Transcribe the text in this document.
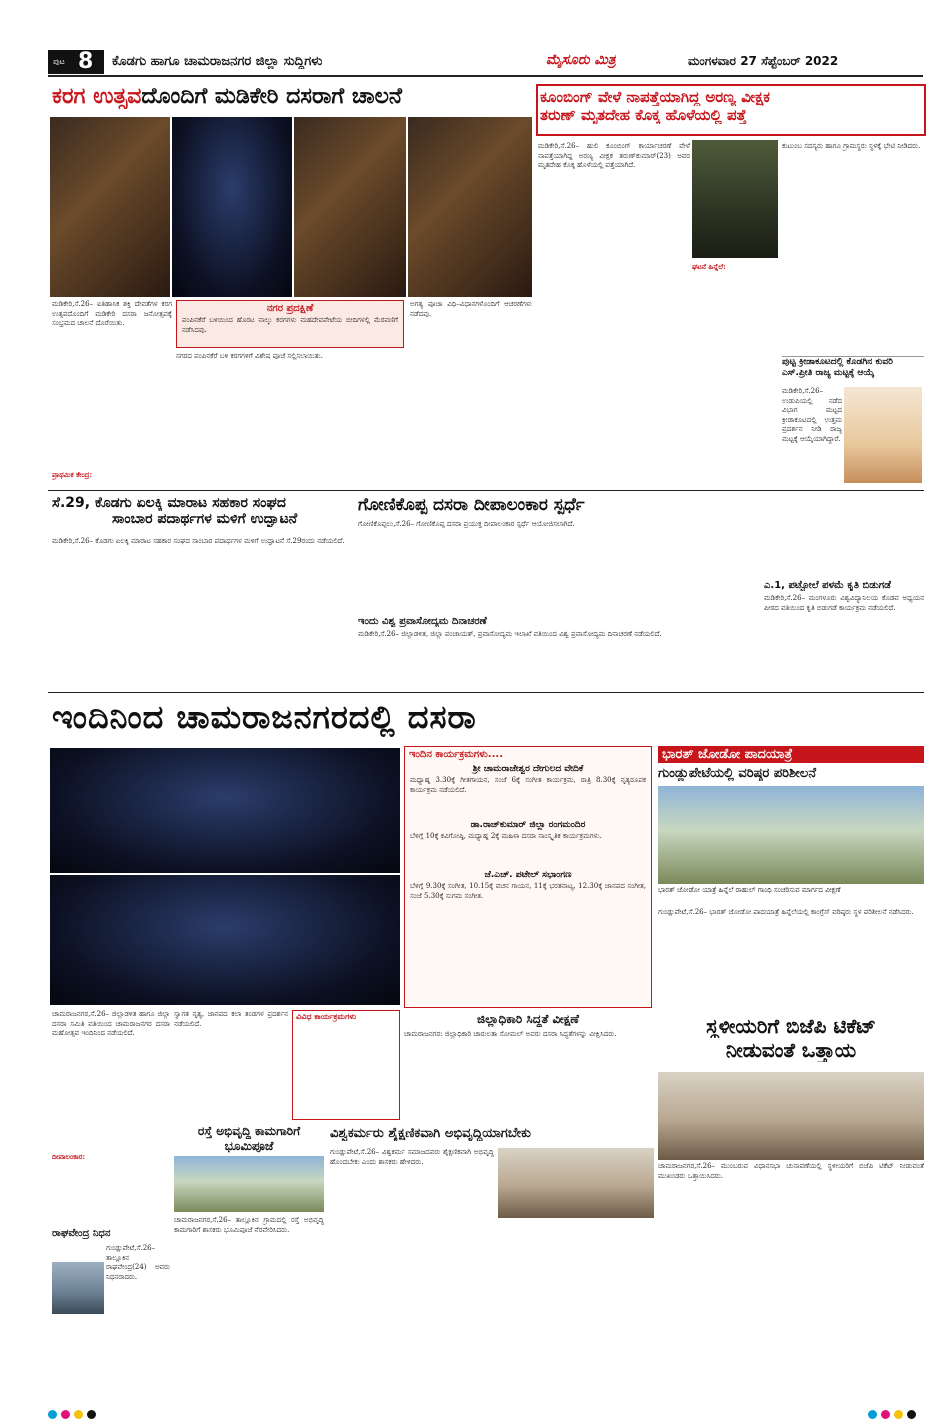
ಪುಟ 8 ಕೊಡಗು ಹಾಗೂ ಚಾಮರಾಜನಗರ ಜಿಲ್ಲಾ ಸುದ್ದಿಗಳು	ಮೈಸೂರು ಮಿತ್ರ	ಮಂಗಳವಾರ 27 ಸೆಪ್ಟೆಂಬರ್ 2022
ಕರಗ ಉತ್ಸವದೊಂದಿಗೆ ಮಡಿಕೇರಿ ದಸರಾಗೆ ಚಾಲನೆ
ಮಡಿಕೇರಿ,ಸೆ.26– ಐತಿಹಾಸಿಕ ಶಕ್ತಿ ದೇವತೆಗಳ ಕರಗ ಉತ್ಸವದೊಂದಿಗೆ ಮಡಿಕೇರಿ ದಸರಾ ಜನೋತ್ಸವಕ್ಕೆ ಸಂಭ್ರಮದ ಚಾಲನೆ ದೊರೆಯಿತು.
ನಗರ ಪ್ರದಕ್ಷಿಣೆ
ಪಂಪಿನಕೆರೆ ಬಳಿಯಿಂದ ಹೊರಟ ನಾಲ್ಕು ಕರಗಗಳು ಮಹದೇವಪೇಟೆಯ ಬೀದಿಗಳಲ್ಲಿ ಮೆರವಣಿಗೆ ನಡೆಸಿದವು.
ನಗರದ ಪಂಪಿನಕೆರೆ ಬಳಿ ಕರಗಗಳಿಗೆ ವಿಶೇಷ ಪೂಜೆ ಸಲ್ಲಿಸಲಾಯಿತು.
ಅಗತ್ಯ ಪೂಜಾ ವಿಧಿ–ವಿಧಾನಗಳೊಂದಿಗೆ ಆಚರಣೆಗಳು ನಡೆದವು.
ಪ್ರಾಥಮಿಕ ಕೇಂದ್ರ:
ಕೂಂಬಿಂಗ್ ವೇಳೆ ನಾಪತ್ತೆಯಾಗಿದ್ದ ಅರಣ್ಯ ವೀಕ್ಷಕ
ತರುಣ್ ಮೃತದೇಹ ಕೊಕ್ಕ ಹೊಳೆಯಲ್ಲಿ ಪತ್ತೆ
ಮಡಿಕೇರಿ,ಸೆ.26– ಹುಲಿ ಕೂಂಬಿಂಗ್ ಕಾರ್ಯಾಚರಣೆ ವೇಳೆ ನಾಪತ್ತೆಯಾಗಿದ್ದ ಅರಣ್ಯ ವೀಕ್ಷಕ ತರುಣ್‌ಕುಮಾರ್(23) ಅವರ ಮೃತದೇಹ ಕೊಕ್ಕ ಹೊಳೆಯಲ್ಲಿ ಪತ್ತೆಯಾಗಿದೆ.
ಕುಟುಂಬ ಸದಸ್ಯರು ಹಾಗೂ ಗ್ರಾಮಸ್ಥರು ಸ್ಥಳಕ್ಕೆ ಭೇಟಿ ನೀಡಿದರು.
ಘಟನೆ ಹಿನ್ನೆಲೆ:
ಪುಟ್ಟ ಕ್ರೀಡಾಕೂಟದಲ್ಲಿ ಕೊಡಗಿನ ಕುವರಿ ಎಸ್.ಪ್ರೀತಿ ರಾಜ್ಯ ಮಟ್ಟಕ್ಕೆ ಆಯ್ಕೆ
ಮಡಿಕೇರಿ,ಸೆ.26– ಉಡುಪಿಯಲ್ಲಿ ನಡೆದ ವಿಭಾಗ ಮಟ್ಟದ ಕ್ರೀಡಾಕೂಟದಲ್ಲಿ ಉತ್ತಮ ಪ್ರದರ್ಶನ ನೀಡಿ ರಾಜ್ಯ ಮಟ್ಟಕ್ಕೆ ಆಯ್ಕೆಯಾಗಿದ್ದಾರೆ.
ಸೆ.29, ಕೊಡಗು ಏಲಕ್ಕಿ ಮಾರಾಟ ಸಹಕಾರ ಸಂಘದ
ಸಾಂಬಾರ ಪದಾರ್ಥಗಳ ಮಳಿಗೆ ಉದ್ಘಾಟನೆ
ಮಡಿಕೇರಿ,ಸೆ.26– ಕೊಡಗು ಏಲಕ್ಕಿ ಮಾರಾಟ ಸಹಕಾರ ಸಂಘದ ಸಾಂಬಾರ ಪದಾರ್ಥಗಳ ಮಳಿಗೆ ಉದ್ಘಾಟನೆ ಸೆ.29ರಂದು ನಡೆಯಲಿದೆ.
ಗೋಣಿಕೊಪ್ಪ ದಸರಾ ದೀಪಾಲಂಕಾರ ಸ್ಪರ್ಧೆ
ಗೋಣಿಕೊಪ್ಪಲು,ಸೆ.26– ಗೋಣಿಕೊಪ್ಪ ದಸರಾ ಪ್ರಯುಕ್ತ ದೀಪಾಲಂಕಾರ ಸ್ಪರ್ಧೆ ಆಯೋಜಿಸಲಾಗಿದೆ.
ಇಂದು ವಿಶ್ವ ಪ್ರವಾಸೋದ್ಯಮ ದಿನಾಚರಣೆ
ಮಡಿಕೇರಿ,ಸೆ.26– ಜಿಲ್ಲಾಡಳಿತ, ಜಿಲ್ಲಾ ಪಂಚಾಯತ್, ಪ್ರವಾಸೋದ್ಯಮ ಇಲಾಖೆ ವತಿಯಿಂದ ವಿಶ್ವ ಪ್ರವಾಸೋದ್ಯಮ ದಿನಾಚರಣೆ ನಡೆಯಲಿದೆ.
ಎ.1, ಪಟ್ಟೋಲೆ ಪಳಮೆ ಕೃತಿ ಬಿಡುಗಡೆ
ಮಡಿಕೇರಿ,ಸೆ.26– ಮಂಗಳೂರು ವಿಶ್ವವಿದ್ಯಾನಿಲಯ ಕೊಡವ ಅಧ್ಯಯನ ಪೀಠದ ವತಿಯಿಂದ ಕೃತಿ ಬಿಡುಗಡೆ ಕಾರ್ಯಕ್ರಮ ನಡೆಯಲಿದೆ.
ಇಂದಿನಿಂದ ಚಾಮರಾಜನಗರದಲ್ಲಿ ದಸರಾ
ಇಂದಿನ ಕಾರ್ಯಕ್ರಮಗಳು....
ಶ್ರೀ ಚಾಮರಾಜೇಶ್ವರ ದೇಗುಲದ ವೇದಿಕೆ
ಮಧ್ಯಾಹ್ನ 3.30ಕ್ಕೆ ಗೀತಗಾಯನ, ಸಂಜೆ 6ಕ್ಕೆ ಸಂಗೀತ ಕಾರ್ಯಕ್ರಮ, ರಾತ್ರಿ 8.30ಕ್ಕೆ ನೃತ್ಯರೂಪಕ ಕಾರ್ಯಕ್ರಮ ನಡೆಯಲಿದೆ.
ಡಾ.ರಾಜ್‌ಕುಮಾರ್ ಜಿಲ್ಲಾ ರಂಗಮಂದಿರ
ಬೆಳಿಗ್ಗೆ 10ಕ್ಕೆ ಕವಿಗೋಷ್ಠಿ, ಮಧ್ಯಾಹ್ನ 2ಕ್ಕೆ ಮಹಿಳಾ ದಸರಾ ಸಾಂಸ್ಕೃತಿಕ ಕಾರ್ಯಕ್ರಮಗಳು.
ಜೆ.ಎಚ್. ಪಟೇಲ್ ಸಭಾಂಗಣ
ಬೆಳಿಗ್ಗೆ 9.30ಕ್ಕೆ ಸಂಗೀತ, 10.15ಕ್ಕೆ ವಚನ ಗಾಯನ, 11ಕ್ಕೆ ಭರತನಾಟ್ಯ, 12.30ಕ್ಕೆ ಜಾನಪದ ಸಂಗೀತ, ಸಂಜೆ 5.30ಕ್ಕೆ ಸುಗಮ ಸಂಗೀತ.
ಚಾಮರಾಜನಗರ,ಸೆ.26– ಜಿಲ್ಲಾಡಳಿತ ಹಾಗೂ ಜಿಲ್ಲಾ ದಸರಾ ಸಮಿತಿ ವತಿಯಿಂದ ಚಾಮರಾಜನಗರ ದಸರಾ ಮಹೋತ್ಸವ ಇಂದಿನಿಂದ ನಡೆಯಲಿದೆ.
ಸ್ವಾಗತ ನೃತ್ಯ, ಜಾನಪದ ಕಲಾ ತಂಡಗಳ ಪ್ರದರ್ಶನ ನಡೆಯಲಿದೆ.
ವಿವಿಧ ಕಾರ್ಯಕ್ರಮಗಳು
ದೀಪಾಲಂಕಾರ:
ಜಿಲ್ಲಾಧಿಕಾರಿ ಸಿದ್ಧತೆ ವೀಕ್ಷಣೆ
ಚಾಮರಾಜನಗರ: ಜಿಲ್ಲಾಧಿಕಾರಿ ಚಾರುಲತಾ ಸೋಮಲ್ ಅವರು ದಸರಾ ಸಿದ್ಧತೆಗಳನ್ನು ವೀಕ್ಷಿಸಿದರು.
ಭಾರತ್ ಜೋಡೋ ಪಾದಯಾತ್ರೆ
ಗುಂಡ್ಲುಪೇಟೆಯಲ್ಲಿ ವರಿಷ್ಠರ ಪರಿಶೀಲನೆ
ಭಾರತ್ ಜೋಡೋ ಯಾತ್ರೆ ಹಿನ್ನೆಲೆ ರಾಹುಲ್ ಗಾಂಧಿ ಸಂಚರಿಸುವ ಮಾರ್ಗದ ವೀಕ್ಷಣೆ
ಗುಂಡ್ಲುಪೇಟೆ,ಸೆ.26– ಭಾರತ್ ಜೋಡೋ ಪಾದಯಾತ್ರೆ ಹಿನ್ನೆಲೆಯಲ್ಲಿ ಕಾಂಗ್ರೆಸ್ ವರಿಷ್ಠರು ಸ್ಥಳ ಪರಿಶೀಲನೆ ನಡೆಸಿದರು.
ಸ್ಥಳೀಯರಿಗೆ ಬಿಜೆಪಿ ಟಿಕೆಟ್
ನೀಡುವಂತೆ ಒತ್ತಾಯ
ಚಾಮರಾಜನಗರ,ಸೆ.26– ಮುಂಬರುವ ವಿಧಾನಸಭಾ ಚುನಾವಣೆಯಲ್ಲಿ ಸ್ಥಳೀಯರಿಗೆ ಬಿಜೆಪಿ ಟಿಕೆಟ್ ನೀಡುವಂತೆ ಮುಖಂಡರು ಒತ್ತಾಯಿಸಿದರು.
ರಸ್ತೆ ಅಭಿವೃದ್ಧಿ ಕಾಮಗಾರಿಗೆ
ಭೂಮಿಪೂಜೆ
ಚಾಮರಾಜನಗರ,ಸೆ.26– ತಾಲ್ಲೂಕಿನ ಗ್ರಾಮದಲ್ಲಿ ರಸ್ತೆ ಅಭಿವೃದ್ಧಿ ಕಾಮಗಾರಿಗೆ ಶಾಸಕರು ಭೂಮಿಪೂಜೆ ನೆರವೇರಿಸಿದರು.
ವಿಶ್ವಕರ್ಮರು ಶೈಕ್ಷಣಿಕವಾಗಿ ಅಭಿವೃದ್ಧಿಯಾಗಬೇಕು
ಗುಂಡ್ಲುಪೇಟೆ,ಸೆ.26– ವಿಶ್ವಕರ್ಮ ಸಮಾಜದವರು ಶೈಕ್ಷಣಿಕವಾಗಿ ಅಭಿವೃದ್ಧಿ ಹೊಂದಬೇಕು ಎಂದು ಶಾಸಕರು ಹೇಳಿದರು.
ರಾಘವೇಂದ್ರ ನಿಧನ
ಗುಂಡ್ಲುಪೇಟೆ,ಸೆ.26– ತಾಲ್ಲೂಕಿನ ರಾಘವೇಂದ್ರ(24) ಅವರು ನಿಧನರಾದರು.
